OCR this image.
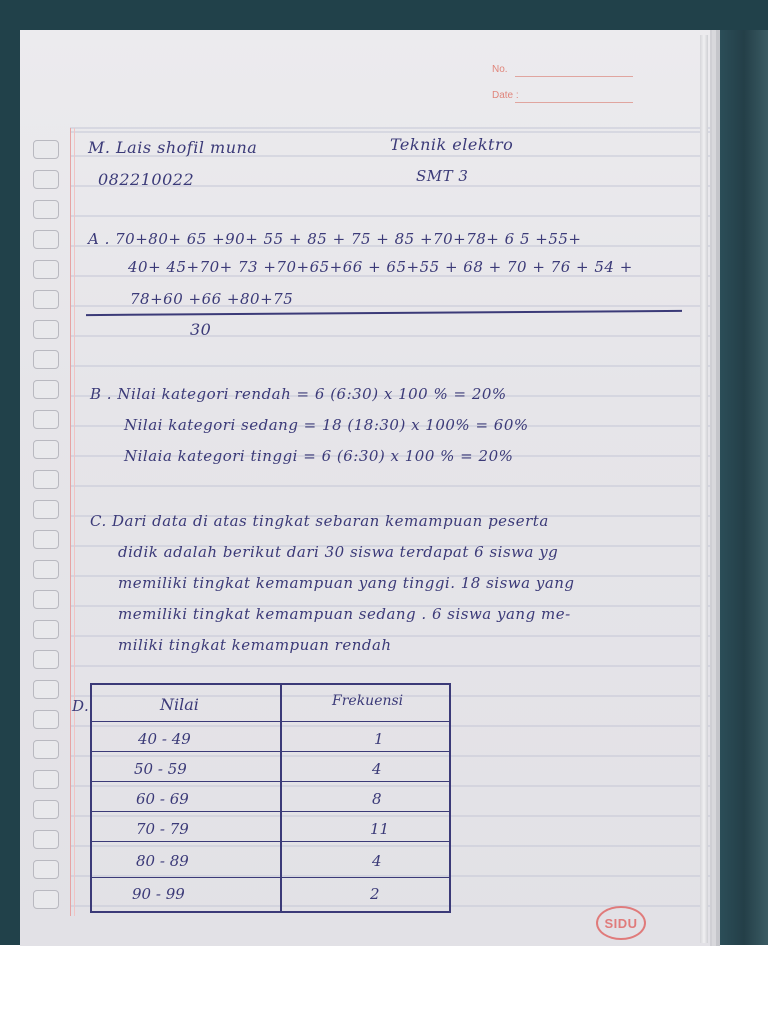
No.
Date :
M. Lais shofil muna	Teknik elektro
082210022	SMT 3
A . 70+80+ 65 +90+ 55 + 85 + 75 + 85 +70+78+ 6 5 +55+
40+ 45+70+ 73 +70+65+66 + 65+55 + 68 + 70 + 76 + 54 +
78+60 +66 +80+75
30
B . Nilai kategori rendah = 6 (6:30) x 100 % = 20%
Nilai kategori sedang = 18 (18:30) x 100% = 60%
Nilaia kategori tinggi = 6 (6:30) x 100 % = 20%
C. Dari data di atas tingkat sebaran kemampuan peserta
didik adalah berikut dari 30 siswa terdapat 6 siswa yg
memiliki tingkat kemampuan yang tinggi. 18 siswa yang
memiliki tingkat kemampuan sedang . 6 siswa yang me-
miliki tingkat kemampuan rendah
D.	Nilai	Frekuensi
40 - 49	1
50 - 59	4
60 - 69	8
70 - 79	11
80 - 89	4
90 - 99	2
SIDU
